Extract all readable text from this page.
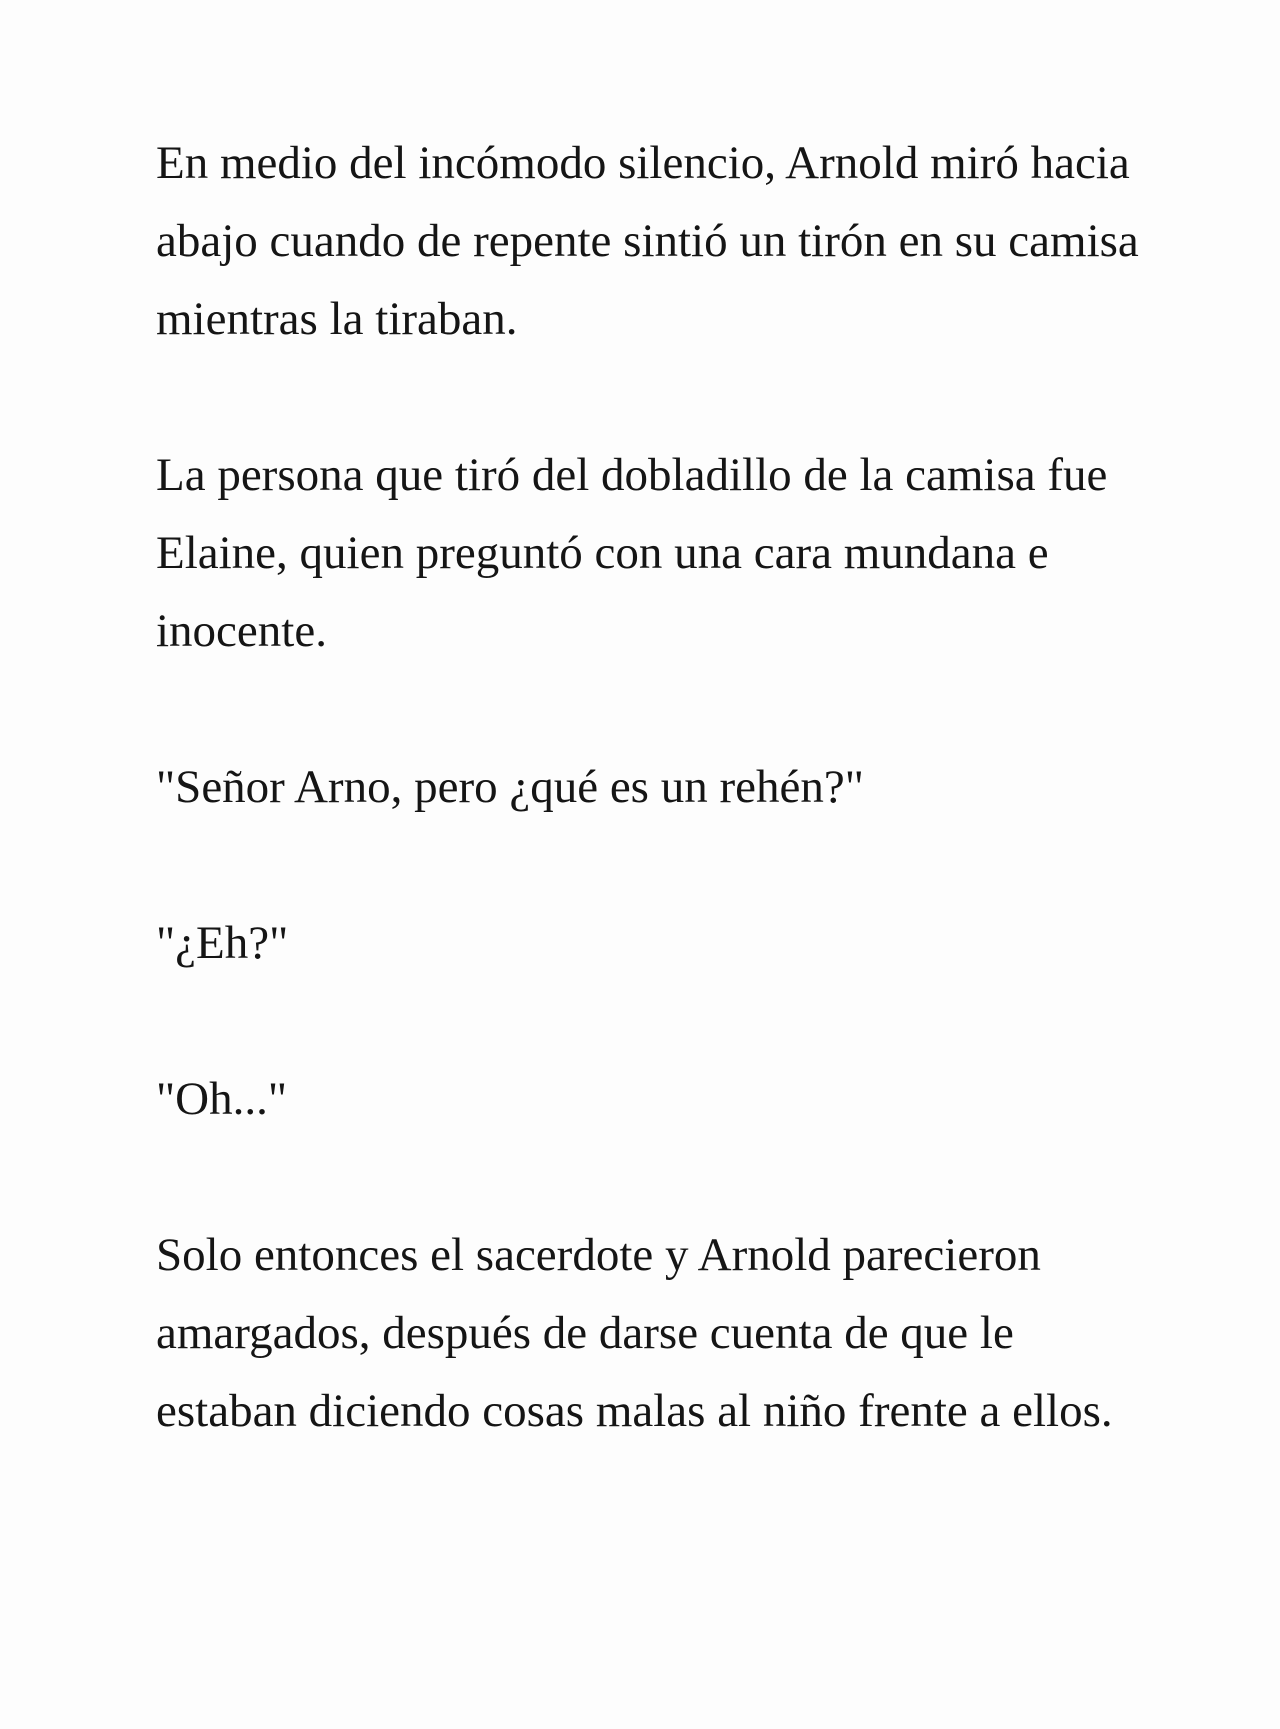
En medio del incómodo silencio, Arnold miró hacia abajo cuando de repente sintió un tirón en su camisa mientras la tiraban.

La persona que tiró del dobladillo de la camisa fue Elaine, quien preguntó con una cara mundana e inocente.

"Señor Arno, pero ¿qué es un rehén?"

"¿Eh?"

"Oh..."

Solo entonces el sacerdote y Arnold parecieron amargados, después de darse cuenta de que le estaban diciendo cosas malas al niño frente a ellos.
